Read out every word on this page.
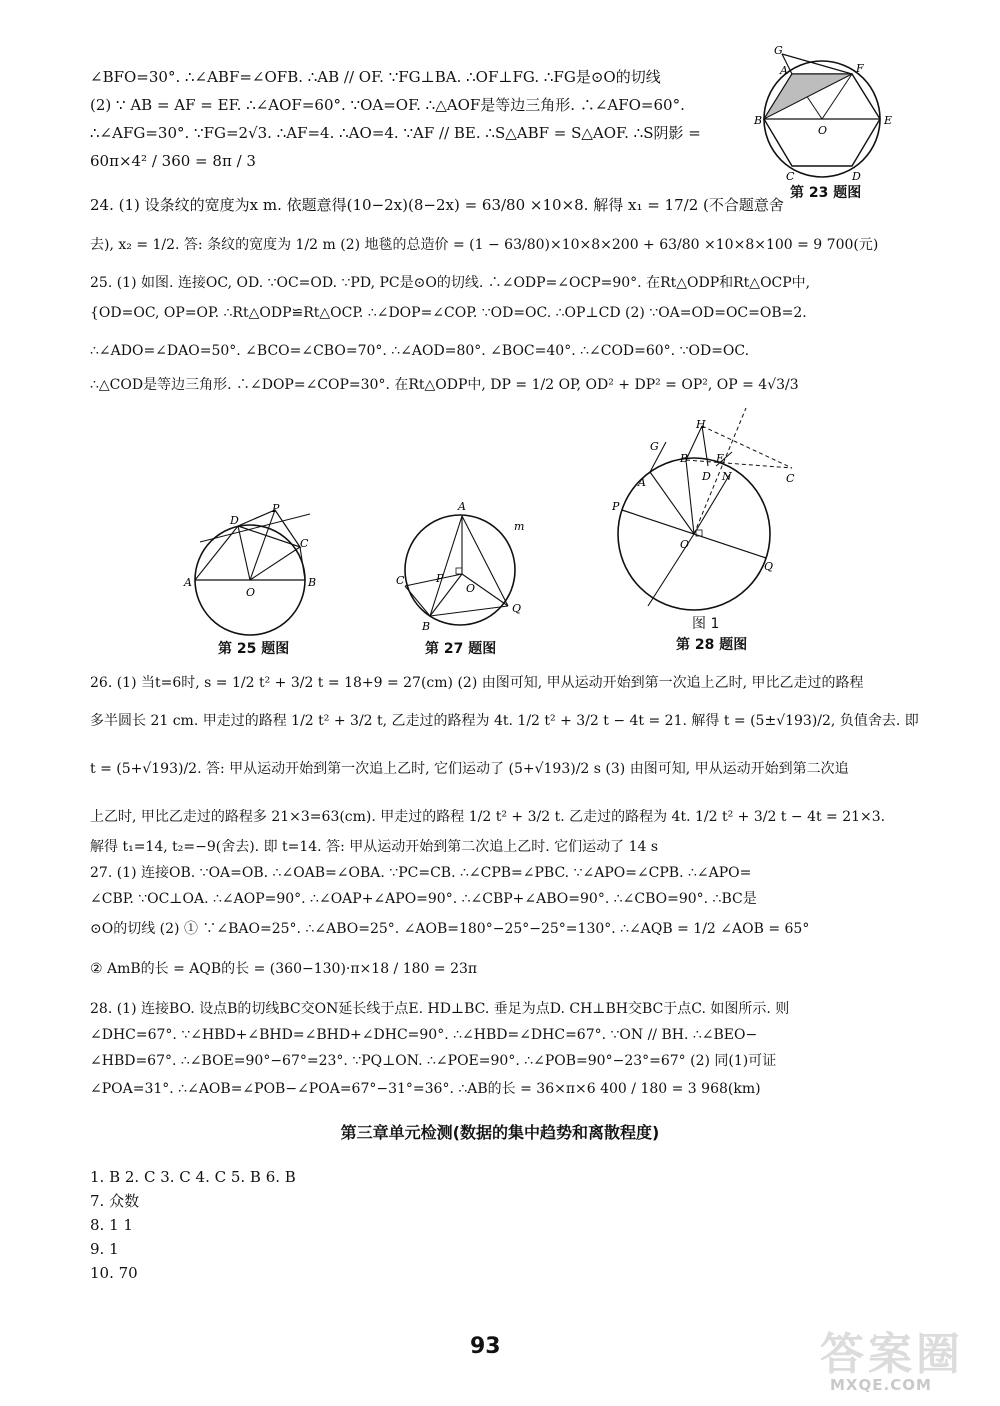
∠BFO=30°. ∴∠ABF=∠OFB. ∴AB // OF. ∵FG⊥BA. ∴OF⊥FG. ∴FG是⊙O的切线
(2) ∵ AB = AF = EF. ∴∠AOF=60°. ∵OA=OF. ∴△AOF是等边三角形. ∴∠AFO=60°.
∴∠AFG=30°. ∵FG=2√3. ∴AF=4. ∴AO=4. ∵AF // BE. ∴S△ABF = S△AOF. ∴S阴影 =
60π×4² / 360 = 8π / 3
24. (1) 设条纹的宽度为x m. 依题意得(10−2x)(8−2x) = 63/80 ×10×8. 解得 x₁ = 17/2 (不合题意舍
去), x₂ = 1/2. 答: 条纹的宽度为 1/2 m (2) 地毯的总造价 = (1 − 63/80)×10×8×200 + 63/80 ×10×8×100 = 9 700(元)
25. (1) 如图. 连接OC, OD. ∵OC=OD. ∵PD, PC是⊙O的切线. ∴∠ODP=∠OCP=90°. 在Rt△ODP和Rt△OCP中,
{OD=OC, OP=OP. ∴Rt△ODP≌Rt△OCP. ∴∠DOP=∠COP. ∵OD=OC. ∴OP⊥CD (2) ∵OA=OD=OC=OB=2.
∴∠ADO=∠DAO=50°. ∠BCO=∠CBO=70°. ∴∠AOD=80°. ∠BOC=40°. ∴∠COD=60°. ∵OD=OC.
∴△COD是等边三角形. ∴∠DOP=∠COP=30°. 在Rt△ODP中, DP = 1/2 OP, OD² + DP² = OP², OP = 4√3/3
G
A	F
B
O
E
C	D
第 23 题图
D
P
C
A
O
B
第 25 题图
A
m
C	P
O
Q
B
第 27 题图
G
H
B	E
D N	C
A
P
O
Q
图 1
第 28 题图
26. (1) 当t=6时, s = 1/2 t² + 3/2 t = 18+9 = 27(cm) (2) 由图可知, 甲从运动开始到第一次追上乙时, 甲比乙走过的路程
多半圆长 21 cm. 甲走过的路程 1/2 t² + 3/2 t, 乙走过的路程为 4t. 1/2 t² + 3/2 t − 4t = 21. 解得 t = (5±√193)/2, 负值舍去. 即
t = (5+√193)/2. 答: 甲从运动开始到第一次追上乙时, 它们运动了 (5+√193)/2 s (3) 由图可知, 甲从运动开始到第二次追
上乙时, 甲比乙走过的路程多 21×3=63(cm). 甲走过的路程 1/2 t² + 3/2 t. 乙走过的路程为 4t. 1/2 t² + 3/2 t − 4t = 21×3.
解得 t₁=14, t₂=−9(舍去). 即 t=14. 答: 甲从运动开始到第二次追上乙时. 它们运动了 14 s
27. (1) 连接OB. ∵OA=OB. ∴∠OAB=∠OBA. ∵PC=CB. ∴∠CPB=∠PBC. ∵∠APO=∠CPB. ∴∠APO=
∠CBP. ∵OC⊥OA. ∴∠AOP=90°. ∴∠OAP+∠APO=90°. ∴∠CBP+∠ABO=90°. ∴∠CBO=90°. ∴BC是
⊙O的切线 (2) ① ∵∠BAO=25°. ∴∠ABO=25°. ∠AOB=180°−25°−25°=130°. ∴∠AQB = 1/2 ∠AOB = 65°
② AmB的长 = AQB的长 = (360−130)·π×18 / 180 = 23π
28. (1) 连接BO. 设点B的切线BC交ON延长线于点E. HD⊥BC. 垂足为点D. CH⊥BH交BC于点C. 如图所示. 则
∠DHC=67°. ∵∠HBD+∠BHD=∠BHD+∠DHC=90°. ∴∠HBD=∠DHC=67°. ∵ON // BH. ∴∠BEO−
∠HBD=67°. ∴∠BOE=90°−67°=23°. ∵PQ⊥ON. ∴∠POE=90°. ∴∠POB=90°−23°=67° (2) 同(1)可证
∠POA=31°. ∴∠AOB=∠POB−∠POA=67°−31°=36°. ∴AB的长 = 36×π×6 400 / 180 = 3 968(km)
第三章单元检测(数据的集中趋势和离散程度)
1. B 2. C 3. C 4. C 5. B 6. B
7. 众数
8. 1 1
9. 1
10. 70
93	答案圈
MXQE.COM
